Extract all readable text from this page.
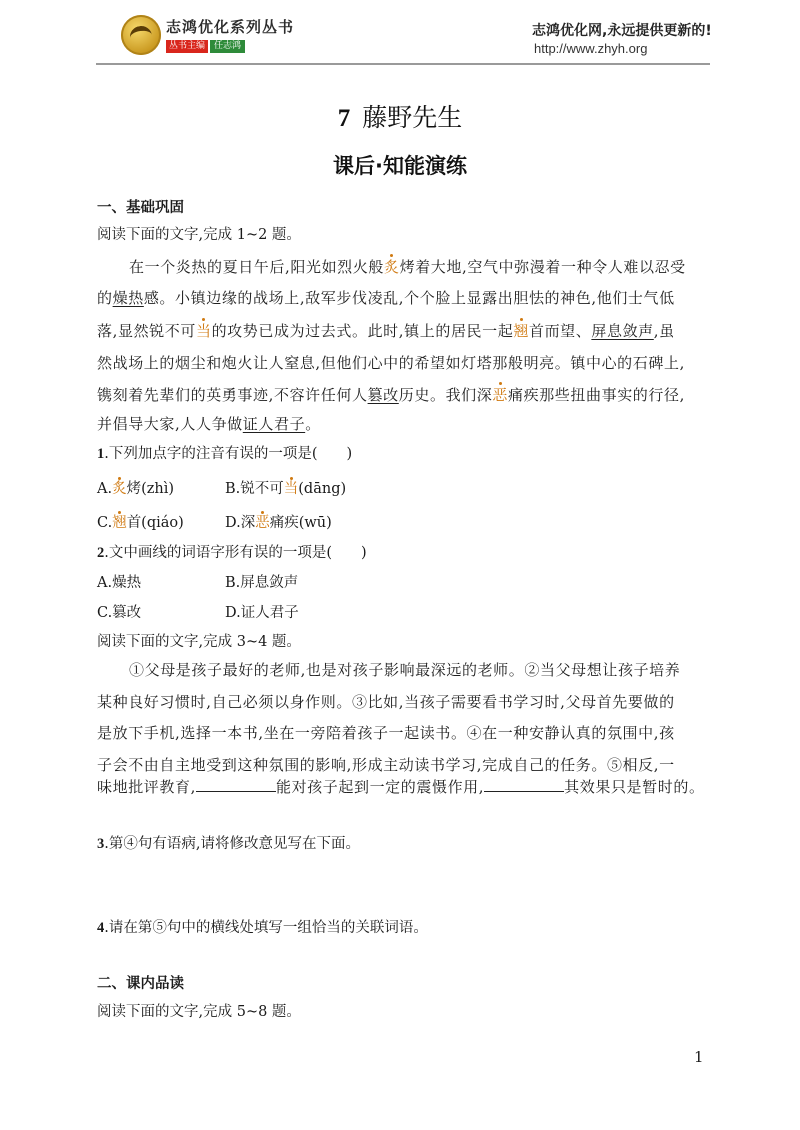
志鸿优化系列丛书
丛书主编 任志鸿
志鸿优化网,永远提供更新的!
http://www.zhyh.org
7 藤野先生
课后·知能演练
一、基础巩固
阅读下面的文字,完成 1~2 题。
在一个炎热的夏日午后,阳光如烈火般炙烤着大地,空气中弥漫着一种令人难以忍受
的燥热感。小镇边缘的战场上,敌军步伐凌乱,个个脸上显露出胆怯的神色,他们士气低
落,显然锐不可当的攻势已成为过去式。此时,镇上的居民一起翘首而望、屏息敛声,虽
然战场上的烟尘和炮火让人窒息,但他们心中的希望如灯塔那般明亮。镇中心的石碑上,
镌刻着先辈们的英勇事迹,不容许任何人篡改历史。我们深恶痛疾那些扭曲事实的行径,
并倡导大家,人人争做证人君子。
1.下列加点字的注音有误的一项是(　　)
A.炙烤(zhì)	B.锐不可当(dāng)
C.翘首(qiáo)	D.深恶痛疾(wū)
2.文中画线的词语字形有误的一项是(　　)
A.燥热	B.屏息敛声
C.篡改	D.证人君子
阅读下面的文字,完成 3~4 题。
①父母是孩子最好的老师,也是对孩子影响最深远的老师。②当父母想让孩子培养
某种良好习惯时,自己必须以身作则。③比如,当孩子需要看书学习时,父母首先要做的
是放下手机,选择一本书,坐在一旁陪着孩子一起读书。④在一种安静认真的氛围中,孩
子会不由自主地受到这种氛围的影响,形成主动读书学习,完成自己的任务。⑤相反,一
味地批评教育,	能对孩子起到一定的震慑作用,	其效果只是暂时的。
3.第④句有语病,请将修改意见写在下面。
4.请在第⑤句中的横线处填写一组恰当的关联词语。
二、课内品读
阅读下面的文字,完成 5~8 题。
1
